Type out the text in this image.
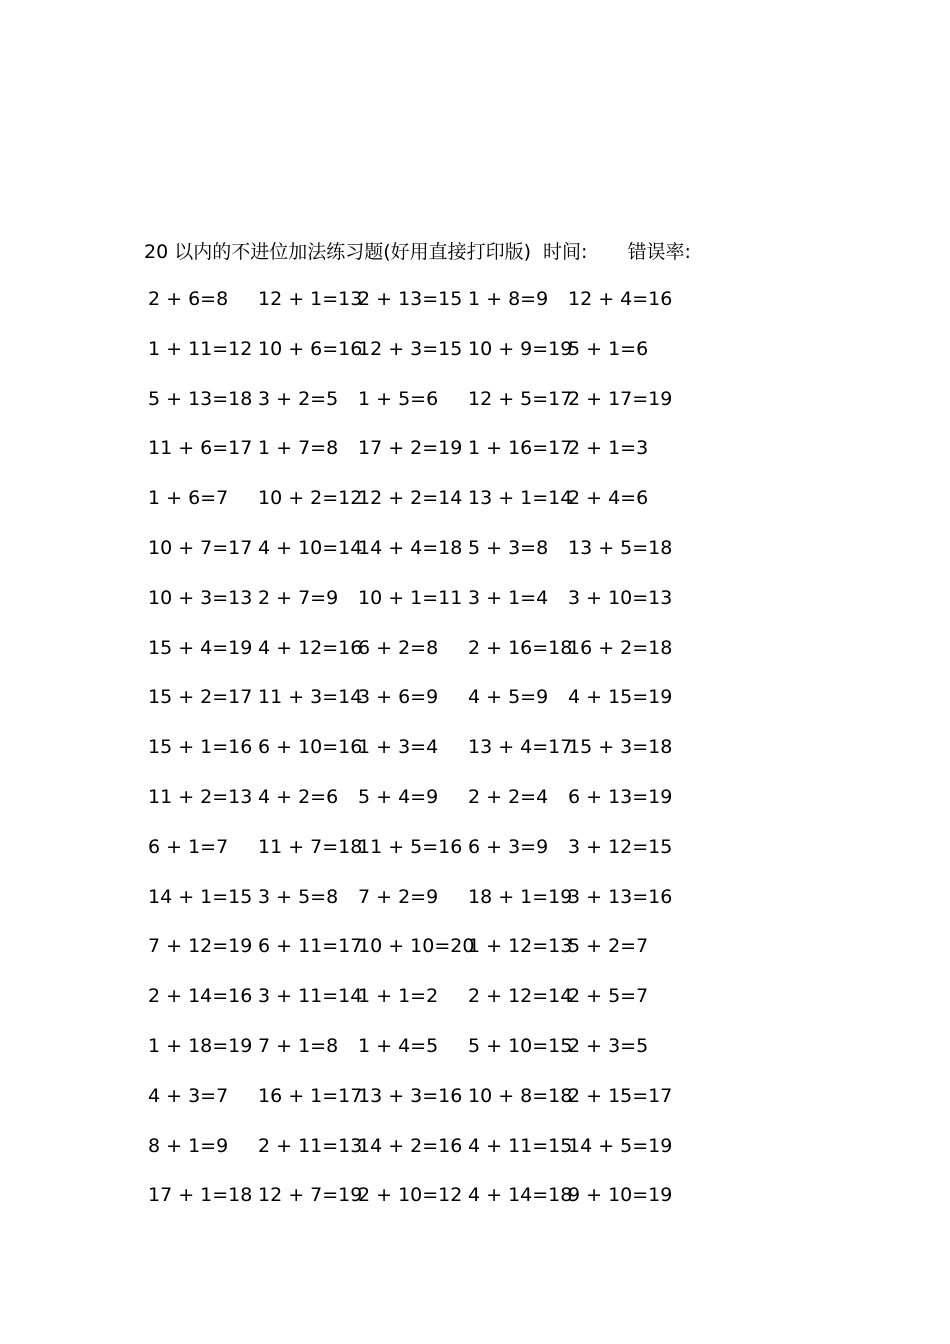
20 以内的不进位加法练习题(好用直接打印版) 时间: 错误率:
2 + 6=8 12 + 1=13
2 + 13=15 1 + 8=9 12 + 4=16
1 + 11=12 10 + 6=16
12 + 3=15 10 + 9=19
5 + 1=6
5 + 13=18 3 + 2=5 1 + 5=6 12 + 5=17
2 + 17=19
11 + 6=17 1 + 7=8 17 + 2=19 1 + 16=17
2 + 1=3
1 + 6=7 10 + 2=12
12 + 2=14 13 + 1=14
2 + 4=6
10 + 7=17 4 + 10=14
14 + 4=18 5 + 3=8 13 + 5=18
10 + 3=13 2 + 7=9 10 + 1=11 3 + 1=4 3 + 10=13
15 + 4=19 4 + 12=16
6 + 2=8 2 + 16=18
16 + 2=18
15 + 2=17 11 + 3=14
3 + 6=9 4 + 5=9 4 + 15=19
15 + 1=16 6 + 10=16
1 + 3=4 13 + 4=17
15 + 3=18
11 + 2=13 4 + 2=6 5 + 4=9 2 + 2=4 6 + 13=19
6 + 1=7 11 + 7=18
11 + 5=16 6 + 3=9 3 + 12=15
14 + 1=15 3 + 5=8 7 + 2=9 18 + 1=19
3 + 13=16
7 + 12=19 6 + 11=17
10 + 10=20
1 + 12=13
5 + 2=7
2 + 14=16 3 + 11=14
1 + 1=2 2 + 12=14
2 + 5=7
1 + 18=19 7 + 1=8 1 + 4=5 5 + 10=15
2 + 3=5
4 + 3=7 16 + 1=17
13 + 3=16 10 + 8=18
2 + 15=17
8 + 1=9 2 + 11=13
14 + 2=16 4 + 11=15
14 + 5=19
17 + 1=18 12 + 7=19
2 + 10=12 4 + 14=18
9 + 10=19
